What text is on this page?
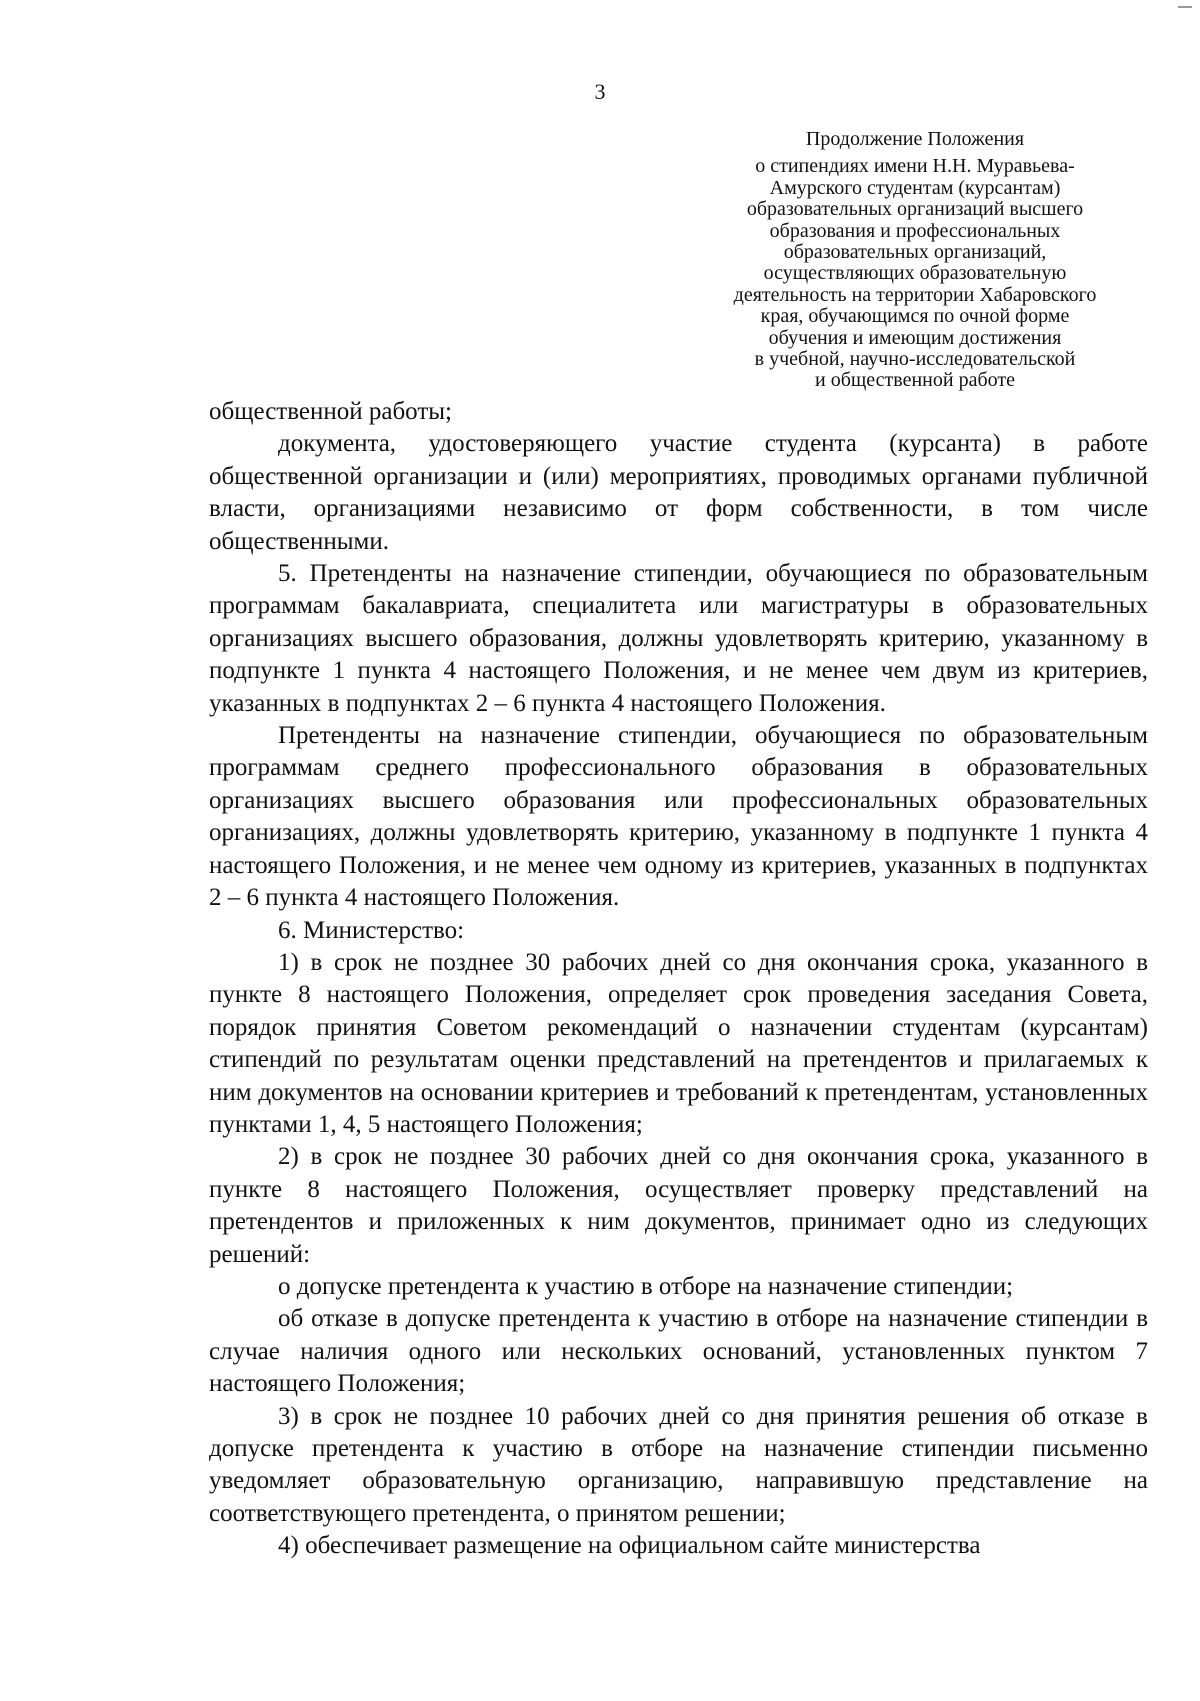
3
Продолжение Положения
о стипендиях имени Н.Н. Муравьева-
Амурского студентам (курсантам)
образовательных организаций высшего
образования и профессиональных
образовательных организаций,
осуществляющих образовательную
деятельность на территории Хабаровского
края, обучающимся по очной форме
обучения и имеющим достижения
в учебной, научно-исследовательской
и общественной работе

общественной работы;

документа, удостоверяющего участие студента (курсанта) в работе общественной организации и (или) мероприятиях, проводимых органами публичной власти, организациями независимо от форм собственности, в том числе общественными.

5. Претенденты на назначение стипендии, обучающиеся по образовательным программам бакалавриата, специалитета или магистратуры в образовательных организациях высшего образования, должны удовлетворять критерию, указанному в подпункте 1 пункта 4 настоящего Положения, и не менее чем двум из критериев, указанных в подпунктах 2 – 6 пункта 4 настоящего Положения.

Претенденты на назначение стипендии, обучающиеся по образовательным программам среднего профессионального образования в образовательных организациях высшего образования или профессиональных образовательных организациях, должны удовлетворять критерию, указанному в подпункте 1 пункта 4 настоящего Положения, и не менее чем одному из критериев, указанных в подпунктах 2 – 6 пункта 4 настоящего Положения.

6. Министерство:

1) в срок не позднее 30 рабочих дней со дня окончания срока, указанного в пункте 8 настоящего Положения, определяет срок проведения заседания Совета, порядок принятия Советом рекомендаций о назначении студентам (курсантам) стипендий по результатам оценки представлений на претендентов и прилагаемых к ним документов на основании критериев и требований к претендентам, установленных пунктами 1, 4, 5 настоящего Положения;

2) в срок не позднее 30 рабочих дней со дня окончания срока, указанного в пункте 8 настоящего Положения, осуществляет проверку представлений на претендентов и приложенных к ним документов, принимает одно из следующих решений:

о допуске претендента к участию в отборе на назначение стипендии;

об отказе в допуске претендента к участию в отборе на назначение стипендии в случае наличия одного или нескольких оснований, установленных пунктом 7 настоящего Положения;

3) в срок не позднее 10 рабочих дней со дня принятия решения об отказе в допуске претендента к участию в отборе на назначение стипендии письменно уведомляет образовательную организацию, направившую представление на соответствующего претендента, о принятом решении;

4) обеспечивает размещение на официальном сайте министерства
